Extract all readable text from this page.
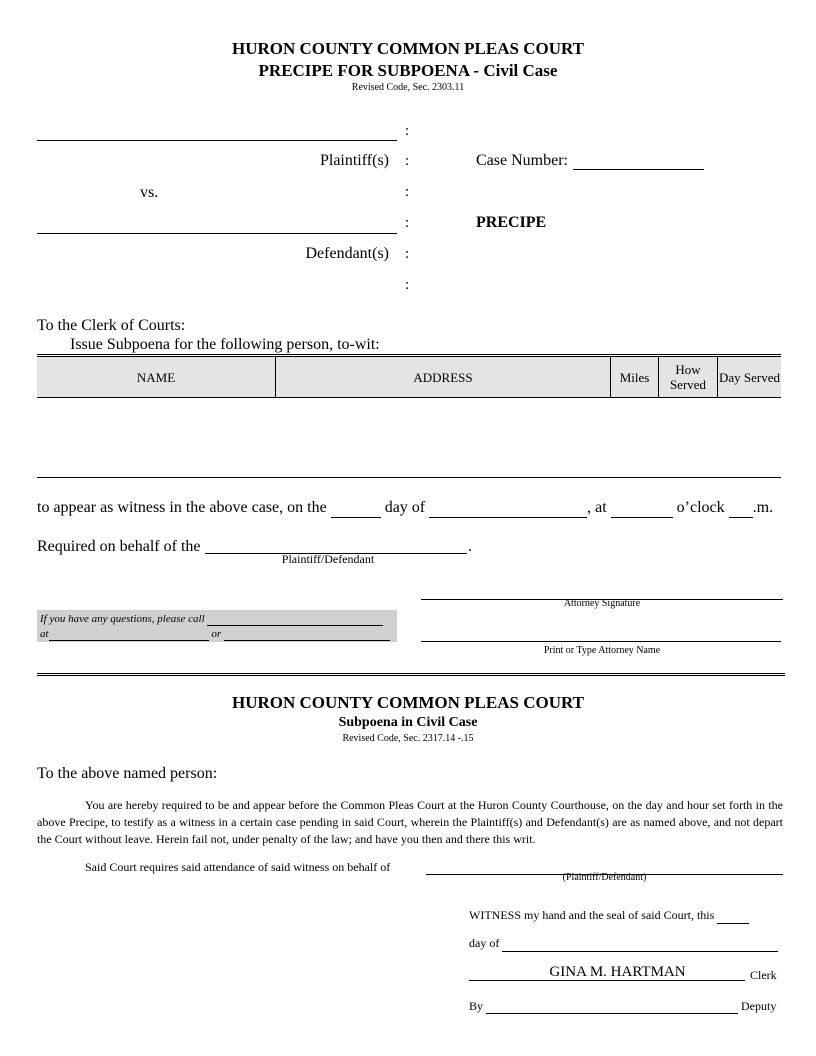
HURON COUNTY COMMON PLEAS COURT
PRECIPE FOR SUBPOENA - Civil Case
Revised Code, Sec. 2303.11
:
:
:
:
:
:
Plaintiff(s)
vs.
Defendant(s)
Case Number:
PRECIPE
To the Clerk of Courts:
Issue Subpoena for the following person, to-wit:
NAME	ADDRESS	Miles	How Served	Day Served
to appear as witness in the above case, on the	day of	, at	o’clock .m.
Required on behalf of the	.
Plaintiff/Defendant
If you have any questions, please call
at	or
Attorney Signature
Print or Type Attorney Name
HURON COUNTY COMMON PLEAS COURT
Subpoena in Civil Case
Revised Code, Sec. 2317.14 -.15
To the above named person:
You are hereby required to be and appear before the Common Pleas Court at the Huron County Courthouse, on the day and hour set forth in the above Precipe, to testify as a witness in a certain case pending in said Court, wherein the Plaintiff(s) and Defendant(s) are as named above, and not depart the Court without leave. Herein fail not, under penalty of the law; and have you then and there this writ.
Said Court requires said attendance of said witness on behalf of
(Plaintiff/Defendant)
WITNESS my hand and the seal of said Court, this
day of
GINA M. HARTMAN	Clerk
By	Deputy
